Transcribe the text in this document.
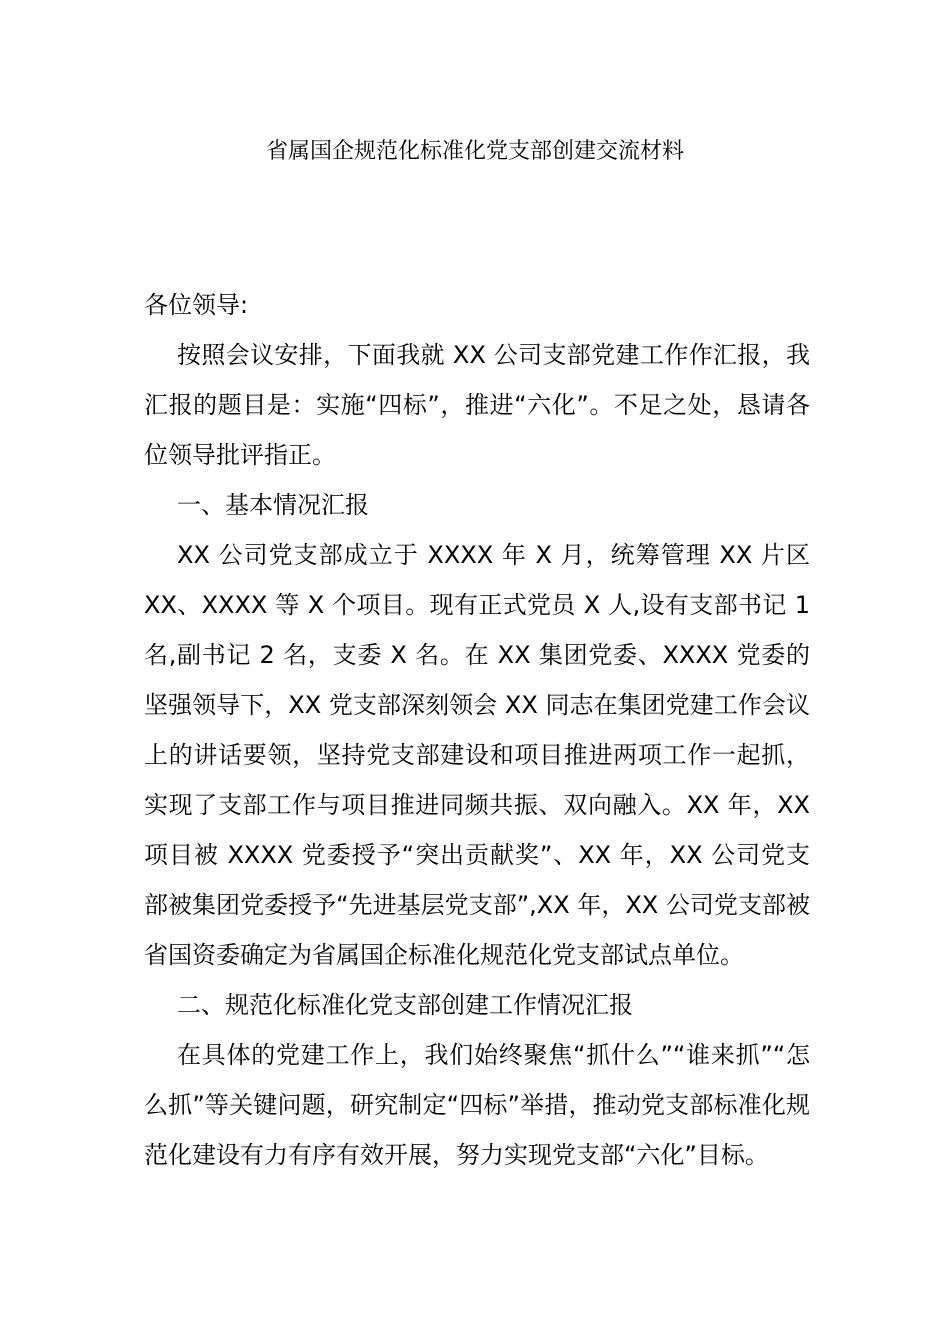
省属国企规范化标准化党支部创建交流材料

各位领导:

按照会议安排，下面我就 XX 公司支部党建工作作汇报，我汇报的题目是：实施“四标”，推进“六化”。不足之处，恳请各位领导批评指正。

一、基本情况汇报

XX 公司党支部成立于 XXXX 年 X 月，统筹管理 XX 片区 XX、XXXX 等 X 个项目。现有正式党员 X 人,设有支部书记 1 名,副书记 2 名，支委 X 名。在 XX 集团党委、XXXX 党委的坚强领导下，XX 党支部深刻领会 XX 同志在集团党建工作会议上的讲话要领，坚持党支部建设和项目推进两项工作一起抓，实现了支部工作与项目推进同频共振、双向融入。XX 年，XX 项目被 XXXX 党委授予“突出贡献奖”、XX 年，XX 公司党支部被集团党委授予“先进基层党支部”,XX 年，XX 公司党支部被省国资委确定为省属国企标准化规范化党支部试点单位。

二、规范化标准化党支部创建工作情况汇报

在具体的党建工作上，我们始终聚焦“抓什么”“谁来抓”“怎么抓”等关键问题，研究制定“四标”举措，推动党支部标准化规范化建设有力有序有效开展，努力实现党支部“六化”目标。
